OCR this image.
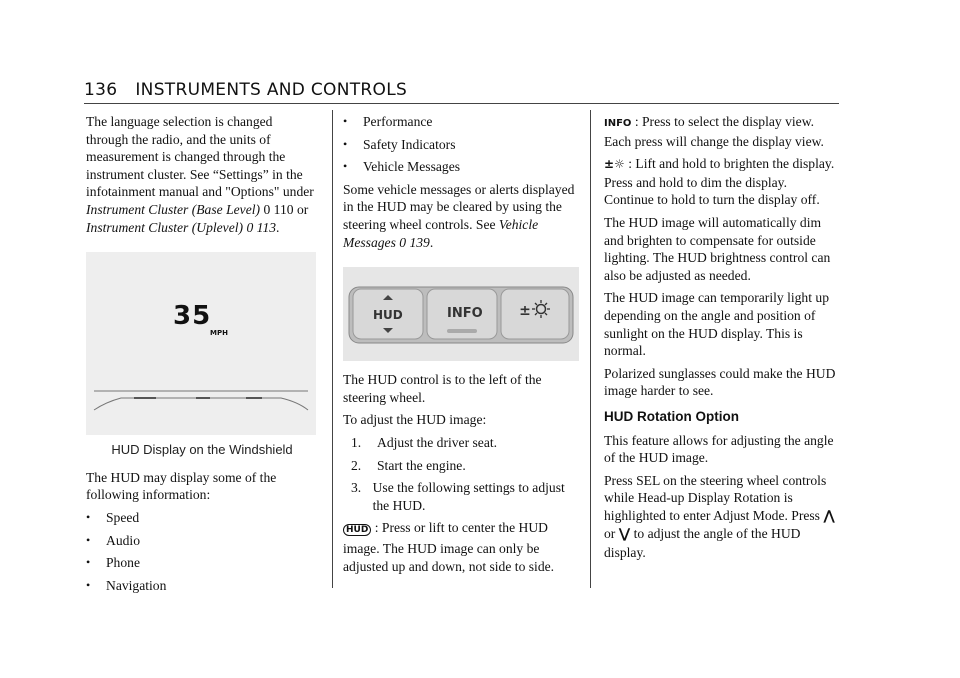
136 INSTRUMENTS AND CONTROLS

The language selection is changed through the radio, and the units of measurement is changed through the instrument cluster. See “Settings” in the infotainment manual and "Options" under Instrument Cluster (Base Level) 0 110 or Instrument Cluster (Uplevel) 0 113.

35
MPH
HUD Display on the Windshield

The HUD may display some of the following information:

•	Speed
•	Audio
•	Phone
•	Navigation
•	Performance
•	Safety Indicators
•	Vehicle Messages

Some vehicle messages or alerts displayed in the HUD may be cleared by using the steering wheel controls. See Vehicle Messages 0 139.

±
HUD	INFO

The HUD control is to the left of the steering wheel.

To adjust the HUD image:

1.	Adjust the driver seat.
2.	Start the engine.
3. Use the following settings to adjust the HUD.

HUD : Press or lift to center the HUD image. The HUD image can only be adjusted up and down, not side to side.

INFO : Press to select the display view. Each press will change the display view.

±☼ : Lift and hold to brighten the display. Press and hold to dim the display. Continue to hold to turn the display off.

The HUD image will automatically dim and brighten to compensate for outside lighting. The HUD brightness control can also be adjusted as needed.

The HUD image can temporarily light up depending on the angle and position of sunlight on the HUD display. This is normal.

Polarized sunglasses could make the HUD image harder to see.

HUD Rotation Option

This feature allows for adjusting the angle of the HUD image.

Press SEL on the steering wheel controls while Head-up Display Rotation is highlighted to enter Adjust Mode. Press ⋀ or ⋁ to adjust the angle of the HUD display.
